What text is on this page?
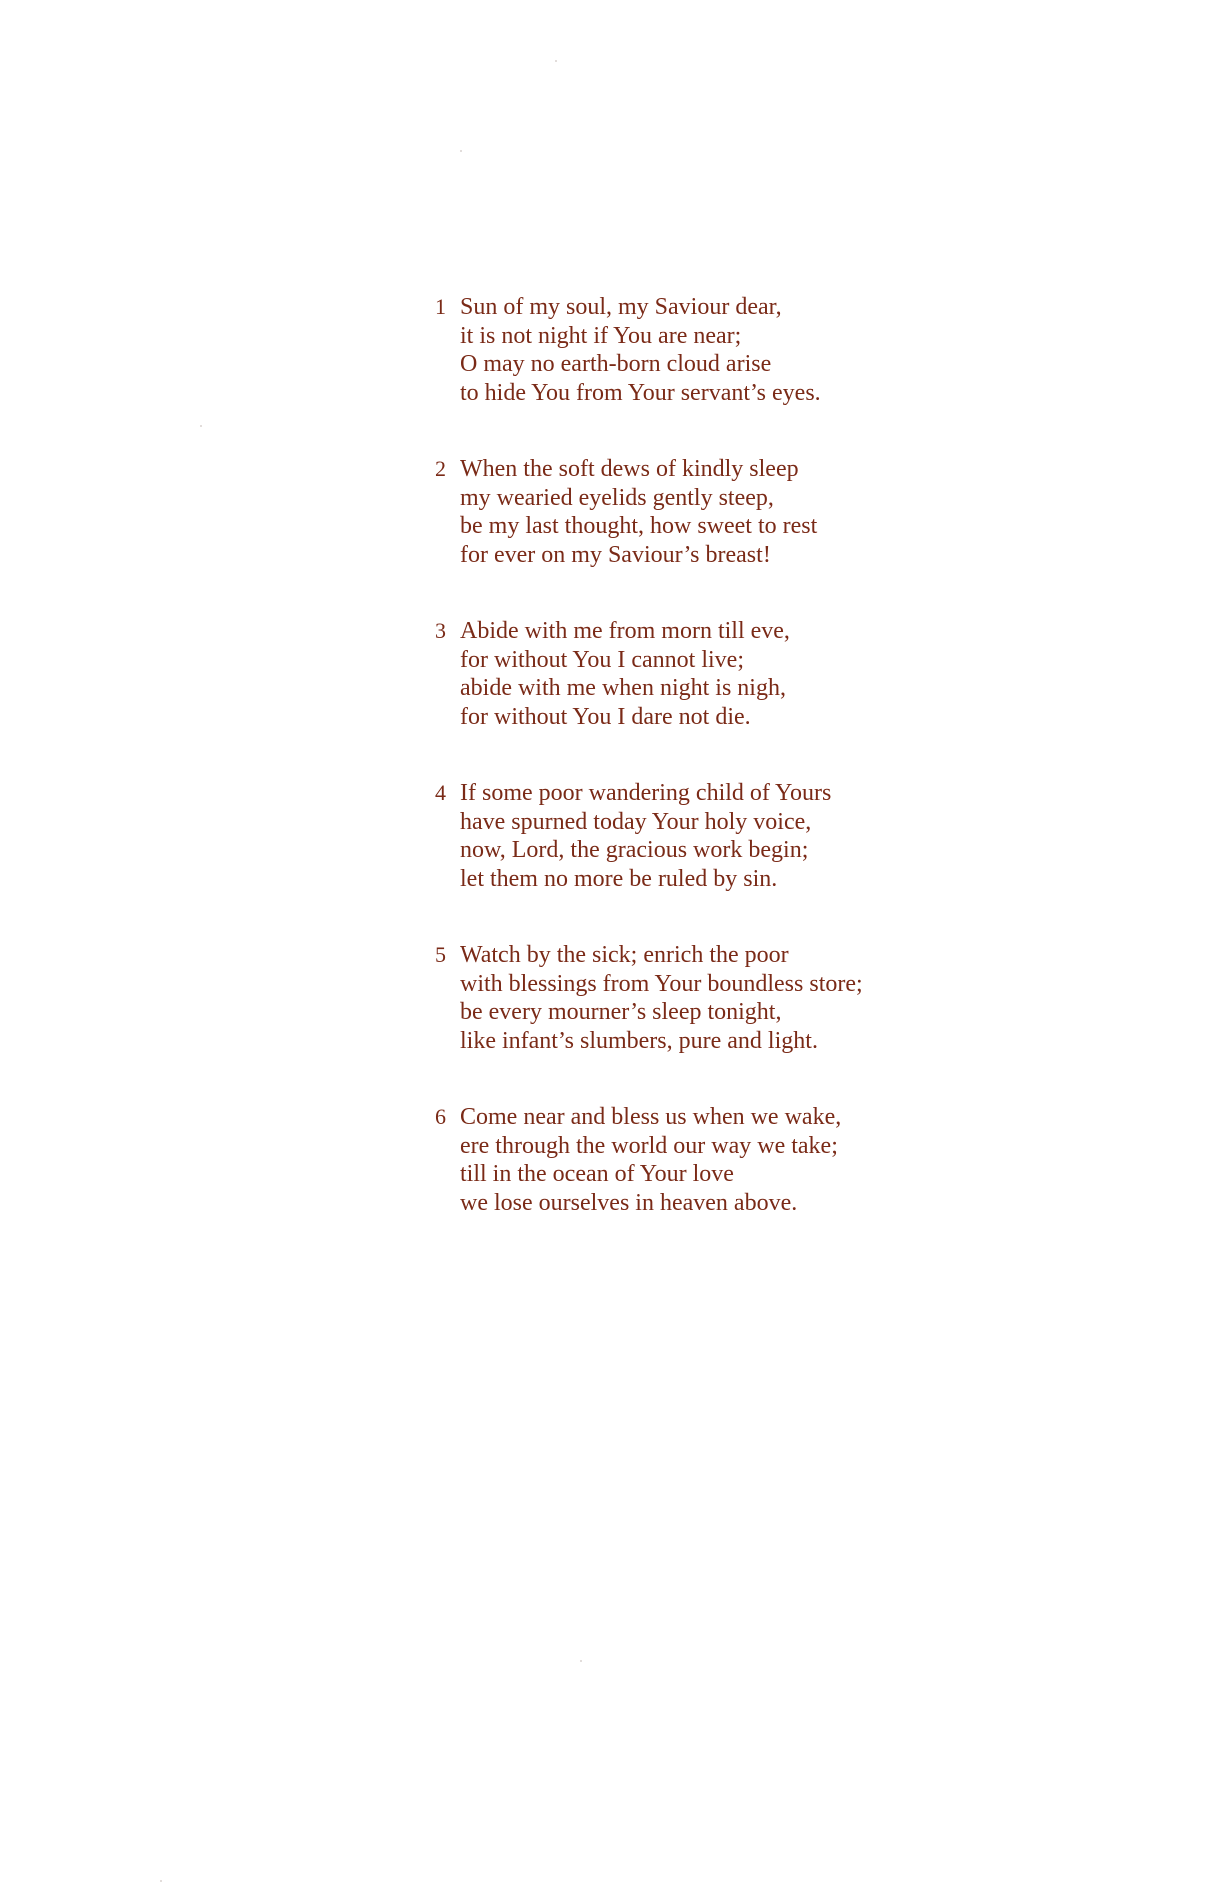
1 Sun of my soul, my Saviour dear,
it is not night if You are near;
O may no earth-born cloud arise
to hide You from Your servant’s eyes.
2 When the soft dews of kindly sleep
my wearied eyelids gently steep,
be my last thought, how sweet to rest
for ever on my Saviour’s breast!
3 Abide with me from morn till eve,
for without You I cannot live;
abide with me when night is nigh,
for without You I dare not die.
4 If some poor wandering child of Yours
have spurned today Your holy voice,
now, Lord, the gracious work begin;
let them no more be ruled by sin.
5 Watch by the sick; enrich the poor
with blessings from Your boundless store;
be every mourner’s sleep tonight,
like infant’s slumbers, pure and light.
6 Come near and bless us when we wake,
ere through the world our way we take;
till in the ocean of Your love
we lose ourselves in heaven above.
